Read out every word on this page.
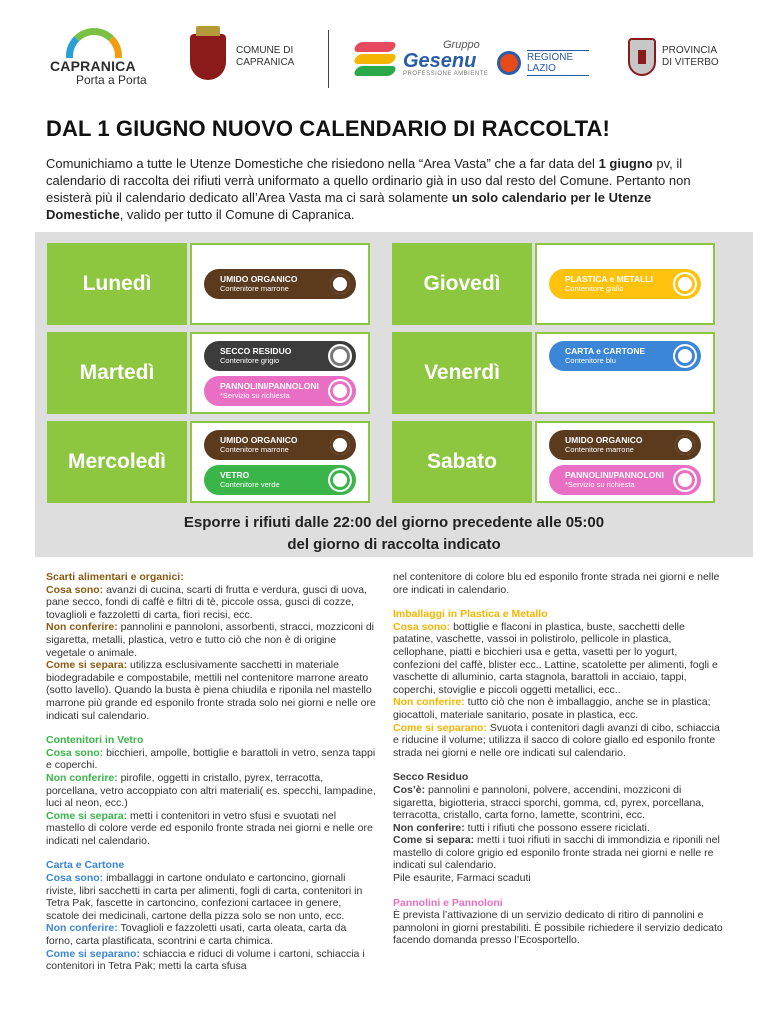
CAPRANICA
Porta a Porta
COMUNE DI
CAPRANICA
Gruppo
Gesenu
PROFESSIONE AMBIENTE
REGIONE
LAZIO
PROVINCIA
DI VITERBO
DAL 1 GIUGNO NUOVO CALENDARIO DI RACCOLTA!

Comunichiamo a tutte le Utenze Domestiche che risiedono nella “Area Vasta” che a far data del 1 giugno pv, il calendario di raccolta dei rifiuti verrà uniformato a quello ordinario già in uso dal resto del Comune. Pertanto non esisterà più il calendario dedicato all’Area Vasta ma ci sarà solamente un solo calendario per le Utenze Domestiche, valido per tutto il Comune di Capranica.

Lunedì	UMIDO ORGANICO
Contenitore marrone
Martedì
SECCO RESIDUO
Contenitore grigio
PANNOLINI/PANNOLONI
*Servizio su richiesta
Mercoledì
UMIDO ORGANICO
Contenitore marrone
VETRO
Contenitore verde
Giovedì	PLASTICA e METALLI
Contenitore giallo
Venerdì
CARTA e CARTONE
Contenitore blu
Sabato
UMIDO ORGANICO
Contenitore marrone
PANNOLINI/PANNOLONI
*Servizio su richiesta
Esporre i rifiuti dalle 22:00 del giorno precedente alle 05:00
del giorno di raccolta indicato
Scarti alimentari e organici:
Cosa sono: avanzi di cucina, scarti di frutta e verdura, gusci di uova, pane secco, fondi di caffè e filtri di tè, piccole ossa, gusci di cozze, tovaglioli e fazzoletti di carta, fiori recisi, ecc.
Non conferire: pannolini e pannoloni, assorbenti, stracci, mozziconi di sigaretta, metalli, plastica, vetro e tutto ciò che non è di origine vegetale o animale.
Come si separa: utilizza esclusivamente sacchetti in materiale biodegradabile e compostabile, mettili nel contenitore marrone areato (sotto lavello). Quando la busta è piena chiudila e riponila nel mastello marrone più grande ed esponilo fronte strada solo nei giorni e nelle ore indicati sul calendario.
Contenitori in Vetro
Cosa sono: bicchieri, ampolle, bottiglie e barattoli in vetro, senza tappi e coperchi.
Non conferire: pirofile, oggetti in cristallo, pyrex, terracotta, porcellana, vetro accoppiato con altri materiali( es. specchi, lampadine, luci al neon, ecc.)
Come si separa: metti i contenitori in vetro sfusi e svuotati nel mastello di colore verde ed esponilo fronte strada nei giorni e nelle ore indicati nel calendario.
Carta e Cartone
Cosa sono: imballaggi in cartone ondulato e cartoncino, giornali riviste, libri sacchetti in carta per alimenti, fogli di carta, contenitori in Tetra Pak, fascette in cartoncino, confezioni cartacee in genere, scatole dei medicinali, cartone della pizza solo se non unto, ecc.
Non conferire: Tovaglioli e fazzoletti usati, carta oleata, carta da forno, carta plastificata, scontrini e carta chimica.
Come si separano: schiaccia e riduci di volume i cartoni, schiaccia i contenitori in Tetra Pak; metti la carta sfusa
nel contenitore di colore blu ed esponilo fronte strada nei giorni e nelle ore indicati in calendario.
Imballaggi in Plastica e Metallo
Cosa sono: bottiglie e flaconi in plastica, buste, sacchetti delle patatine, vaschette, vassoi in polistirolo, pellicole in plastica, cellophane, piatti e bicchieri usa e getta, vasetti per lo yogurt, confezioni del caffè, blister ecc.. Lattine, scatolette per alimenti, fogli e vaschette di alluminio, carta stagnola, barattoli in acciaio, tappi, coperchi, stoviglie e piccoli oggetti metallici, ecc..
Non conferire: tutto ciò che non è imballaggio, anche se in plastica; giocattoli, materiale sanitario, posate in plastica, ecc.
Come si separano: Svuota i contenitori dagli avanzi di cibo, schiaccia e riducine il volume; utilizza il sacco di colore giallo ed esponilo fronte strada nei giorni e nelle ore indicati sul calendario.
Secco Residuo
Cos’è: pannolini e pannoloni, polvere, accendini, mozziconi di sigaretta, bigiotteria, stracci sporchi, gomma, cd, pyrex, porcellana, terracotta, cristallo, carta forno, lamette, scontrini, ecc.
Non conferire: tutti i rifiuti che possono essere riciclati.
Come si separa: metti i tuoi rifiuti in sacchi di immondizia e riponili nel mastello di colore grigio ed esponilo fronte strada nei giorni e nelle re indicati sul calendario.
Pile esaurite, Farmaci scaduti
Pannolini e Pannoloni
È prevista l’attivazione di un servizio dedicato di ritiro di pannolini e pannoloni in giorni prestabiliti. È possibile richiedere il servizio dedicato facendo domanda presso l’Ecosportello.
